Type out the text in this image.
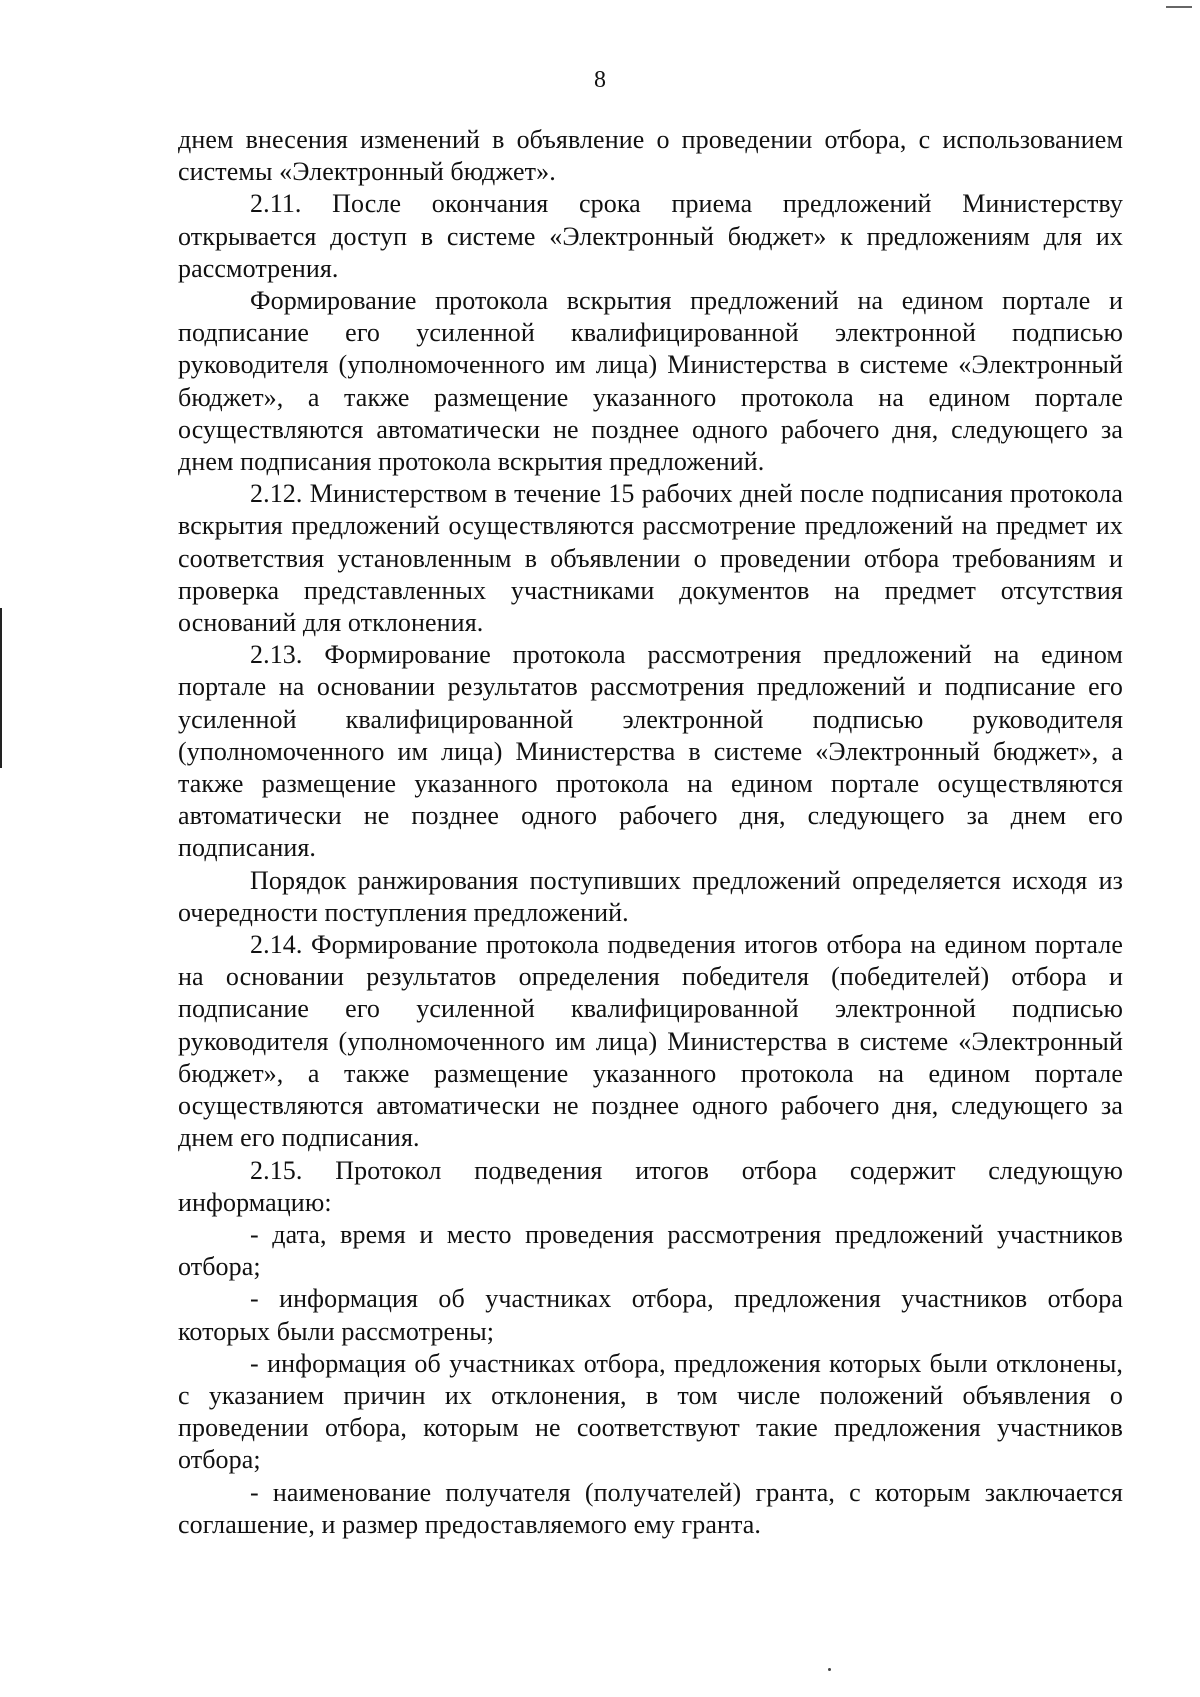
8

днем внесения изменений в объявление о проведении отбора, с использованием системы «Электронный бюджет».

2.11. После окончания срока приема предложений Министерству открывается доступ в системе «Электронный бюджет» к предложениям для их рассмотрения.

Формирование протокола вскрытия предложений на едином портале и подписание его усиленной квалифицированной электронной подписью руководителя (уполномоченного им лица) Министерства в системе «Электронный бюджет», а также размещение указанного протокола на едином портале осуществляются автоматически не позднее одного рабочего дня, следующего за днем подписания протокола вскрытия предложений.

2.12. Министерством в течение 15 рабочих дней после подписания протокола вскрытия предложений осуществляются рассмотрение предложений на предмет их соответствия установленным в объявлении о проведении отбора требованиям и проверка представленных участниками документов на предмет отсутствия оснований для отклонения.

2.13. Формирование протокола рассмотрения предложений на едином портале на основании результатов рассмотрения предложений и подписание его усиленной квалифицированной электронной подписью руководителя (уполномоченного им лица) Министерства в системе «Электронный бюджет», а также размещение указанного протокола на едином портале осуществляются автоматически не позднее одного рабочего дня, следующего за днем его подписания.

Порядок ранжирования поступивших предложений определяется исходя из очередности поступления предложений.

2.14. Формирование протокола подведения итогов отбора на едином портале на основании результатов определения победителя (победителей) отбора и подписание его усиленной квалифицированной электронной подписью руководителя (уполномоченного им лица) Министерства в системе «Электронный бюджет», а также размещение указанного протокола на едином портале осуществляются автоматически не позднее одного рабочего дня, следующего за днем его подписания.

2.15. Протокол подведения итогов отбора содержит следующую информацию:

- дата, время и место проведения рассмотрения предложений участников отбора;

- информация об участниках отбора, предложения участников отбора которых были рассмотрены;

- информация об участниках отбора, предложения которых были отклонены, с указанием причин их отклонения, в том числе положений объявления о проведении отбора, которым не соответствуют такие предложения участников отбора;

- наименование получателя (получателей) гранта, с которым заключается соглашение, и размер предоставляемого ему гранта.
